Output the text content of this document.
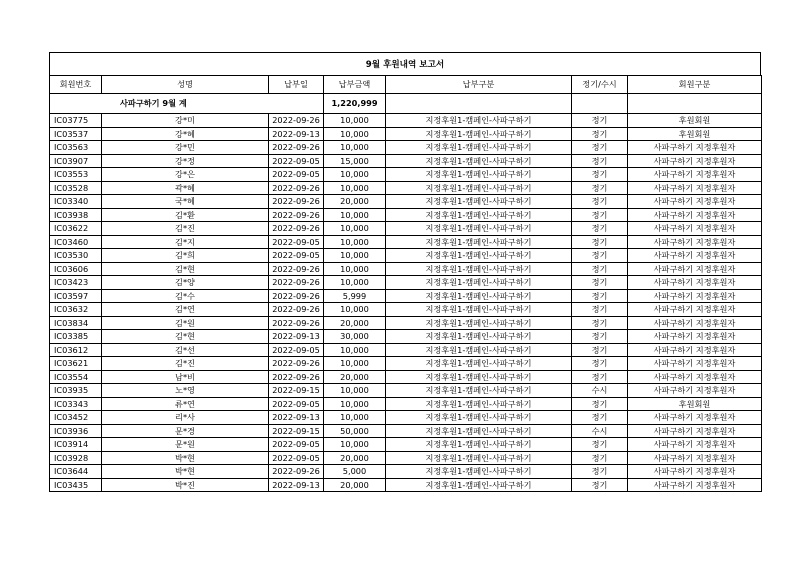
9월 후원내역 보고서
회원번호	성명	납부일	납부금액	납부구분	정기/수시	회원구분
사파구하기 9월 계			1,220,999			
IC03775	강*미	2022-09-26	10,000	지정후원1-캠페인-사파구하기	정기	후원회원
IC03537	강*혜	2022-09-13	10,000	지정후원1-캠페인-사파구하기	정기	후원회원
IC03563	강*민	2022-09-26	10,000	지정후원1-캠페인-사파구하기	정기	사파구하기 지정후원자
IC03907	강*정	2022-09-05	15,000	지정후원1-캠페인-사파구하기	정기	사파구하기 지정후원자
IC03553	강*은	2022-09-05	10,000	지정후원1-캠페인-사파구하기	정기	사파구하기 지정후원자
IC03528	곽*혜	2022-09-26	10,000	지정후원1-캠페인-사파구하기	정기	사파구하기 지정후원자
IC03340	국*혜	2022-09-26	20,000	지정후원1-캠페인-사파구하기	정기	사파구하기 지정후원자
IC03938	김*환	2022-09-26	10,000	지정후원1-캠페인-사파구하기	정기	사파구하기 지정후원자
IC03622	김*진	2022-09-26	10,000	지정후원1-캠페인-사파구하기	정기	사파구하기 지정후원자
IC03460	김*지	2022-09-05	10,000	지정후원1-캠페인-사파구하기	정기	사파구하기 지정후원자
IC03530	김*희	2022-09-05	10,000	지정후원1-캠페인-사파구하기	정기	사파구하기 지정후원자
IC03606	김*현	2022-09-26	10,000	지정후원1-캠페인-사파구하기	정기	사파구하기 지정후원자
IC03423	김*양	2022-09-26	10,000	지정후원1-캠페인-사파구하기	정기	사파구하기 지정후원자
IC03597	김*수	2022-09-26	5,999	지정후원1-캠페인-사파구하기	정기	사파구하기 지정후원자
IC03632	김*연	2022-09-26	10,000	지정후원1-캠페인-사파구하기	정기	사파구하기 지정후원자
IC03834	김*원	2022-09-26	20,000	지정후원1-캠페인-사파구하기	정기	사파구하기 지정후원자
IC03385	김*현	2022-09-13	30,000	지정후원1-캠페인-사파구하기	정기	사파구하기 지정후원자
IC03612	김*선	2022-09-05	10,000	지정후원1-캠페인-사파구하기	정기	사파구하기 지정후원자
IC03621	김*진	2022-09-26	10,000	지정후원1-캠페인-사파구하기	정기	사파구하기 지정후원자
IC03554	남*비	2022-09-26	20,000	지정후원1-캠페인-사파구하기	정기	사파구하기 지정후원자
IC03935	노*영	2022-09-15	10,000	지정후원1-캠페인-사파구하기	수시	사파구하기 지정후원자
IC03343	류*연	2022-09-05	10,000	지정후원1-캠페인-사파구하기	정기	후원회원
IC03452	리*사	2022-09-13	10,000	지정후원1-캠페인-사파구하기	정기	사파구하기 지정후원자
IC03936	문*경	2022-09-15	50,000	지정후원1-캠페인-사파구하기	수시	사파구하기 지정후원자
IC03914	문*원	2022-09-05	10,000	지정후원1-캠페인-사파구하기	정기	사파구하기 지정후원자
IC03928	박*현	2022-09-05	20,000	지정후원1-캠페인-사파구하기	정기	사파구하기 지정후원자
IC03644	박*현	2022-09-26	5,000	지정후원1-캠페인-사파구하기	정기	사파구하기 지정후원자
IC03435	박*진	2022-09-13	20,000	지정후원1-캠페인-사파구하기	정기	사파구하기 지정후원자
